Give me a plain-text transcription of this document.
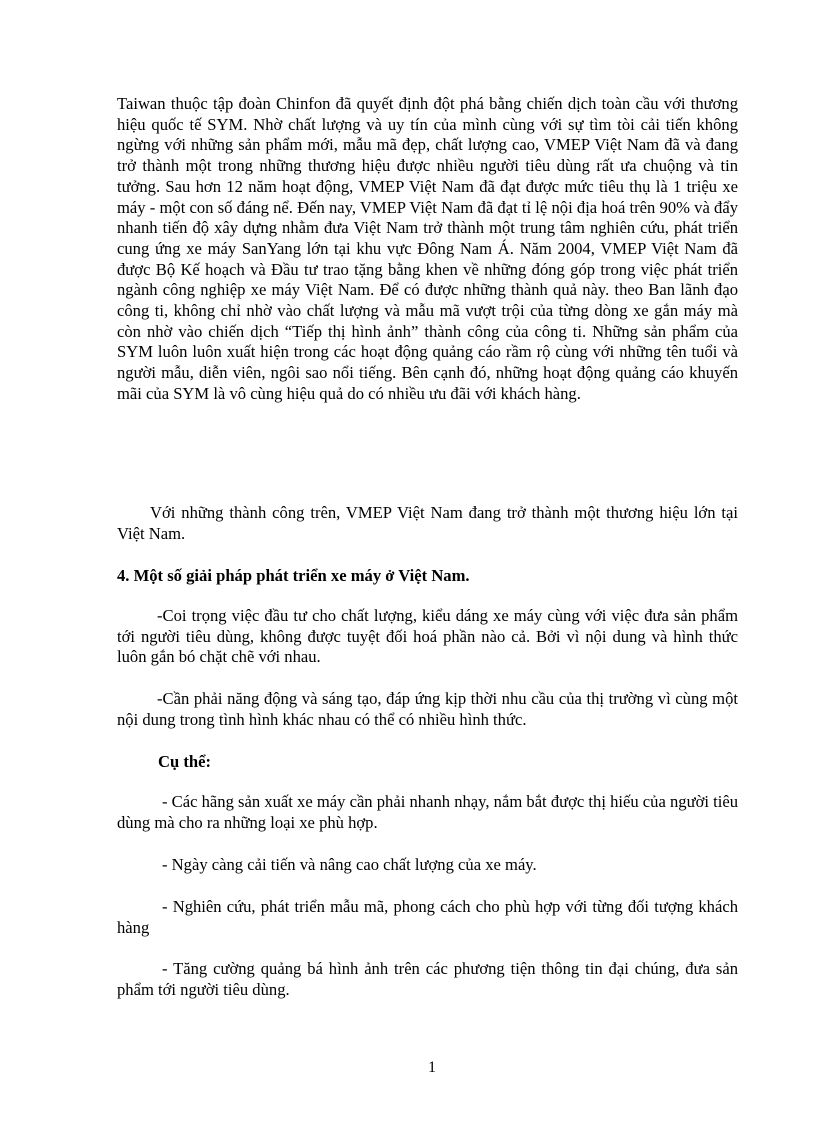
Taiwan thuộc tập đoàn Chinfon đã quyết định đột phá bằng chiến dịch toàn cầu với thương hiệu quốc tế SYM. Nhờ chất lượng và uy tín của mình cùng với sự tìm tòi cải tiến không ngừng với những sản phẩm mới, mẫu mã đẹp, chất lượng cao, VMEP Việt Nam đã và đang trở thành một trong những thương hiệu được nhiều người tiêu dùng rất ưa chuộng và tin tưởng. Sau hơn 12 năm hoạt động, VMEP Việt Nam đã đạt được mức tiêu thụ là 1 triệu xe máy - một con số đáng nể. Đến nay, VMEP Việt Nam đã đạt tỉ lệ nội địa hoá trên 90% và đẩy nhanh tiến độ xây dựng nhằm đưa Việt Nam trở thành một trung tâm nghiên cứu, phát triển cung ứng xe máy SanYang lớn tại khu vực Đông Nam Á. Năm 2004, VMEP Việt Nam đã được Bộ Kế hoạch và Đầu tư trao tặng bằng khen về những đóng góp trong việc phát triển ngành công nghiệp xe máy Việt Nam. Để có được những thành quả này. theo Ban lãnh đạo công ti, không chỉ nhờ vào chất lượng và mẫu mã vượt trội của từng dòng xe gắn máy mà còn nhờ vào chiến dịch “Tiếp thị hình ảnh” thành công của công ti. Những sản phẩm của SYM luôn luôn xuất hiện trong các hoạt động quảng cáo rầm rộ cùng với những tên tuổi và người mẫu, diễn viên, ngôi sao nổi tiếng. Bên cạnh đó, những hoạt động quảng cáo khuyến mãi của SYM là vô cùng hiệu quả do có nhiều ưu đãi với khách hàng.

Với những thành công trên, VMEP Việt Nam đang trở thành một thương hiệu lớn tại Việt Nam.

4. Một số giải pháp phát triển xe máy ở Việt Nam.

-Coi trọng việc đầu tư cho chất lượng, kiểu dáng xe máy cùng với việc đưa sản phẩm tới người tiêu dùng, không được tuyệt đối hoá phần nào cả. Bởi vì nội dung và hình thức luôn gắn bó chặt chẽ với nhau.

-Cần phải năng động và sáng tạo, đáp ứng kịp thời nhu cầu của thị trường vì cùng một nội dung trong tình hình khác nhau có thể có nhiều hình thức.

Cụ thể:

- Các hãng sản xuất xe máy cần phải nhanh nhạy, nắm bắt được thị hiếu của người tiêu dùng mà cho ra những loại xe phù hợp.

- Ngày càng cải tiến và nâng cao chất lượng của xe máy.

- Nghiên cứu, phát triển mẫu mã, phong cách cho phù hợp với từng đối tượng khách hàng

- Tăng cường quảng bá hình ảnh trên các phương tiện thông tin đại chúng, đưa sản phẩm tới người tiêu dùng.

1
